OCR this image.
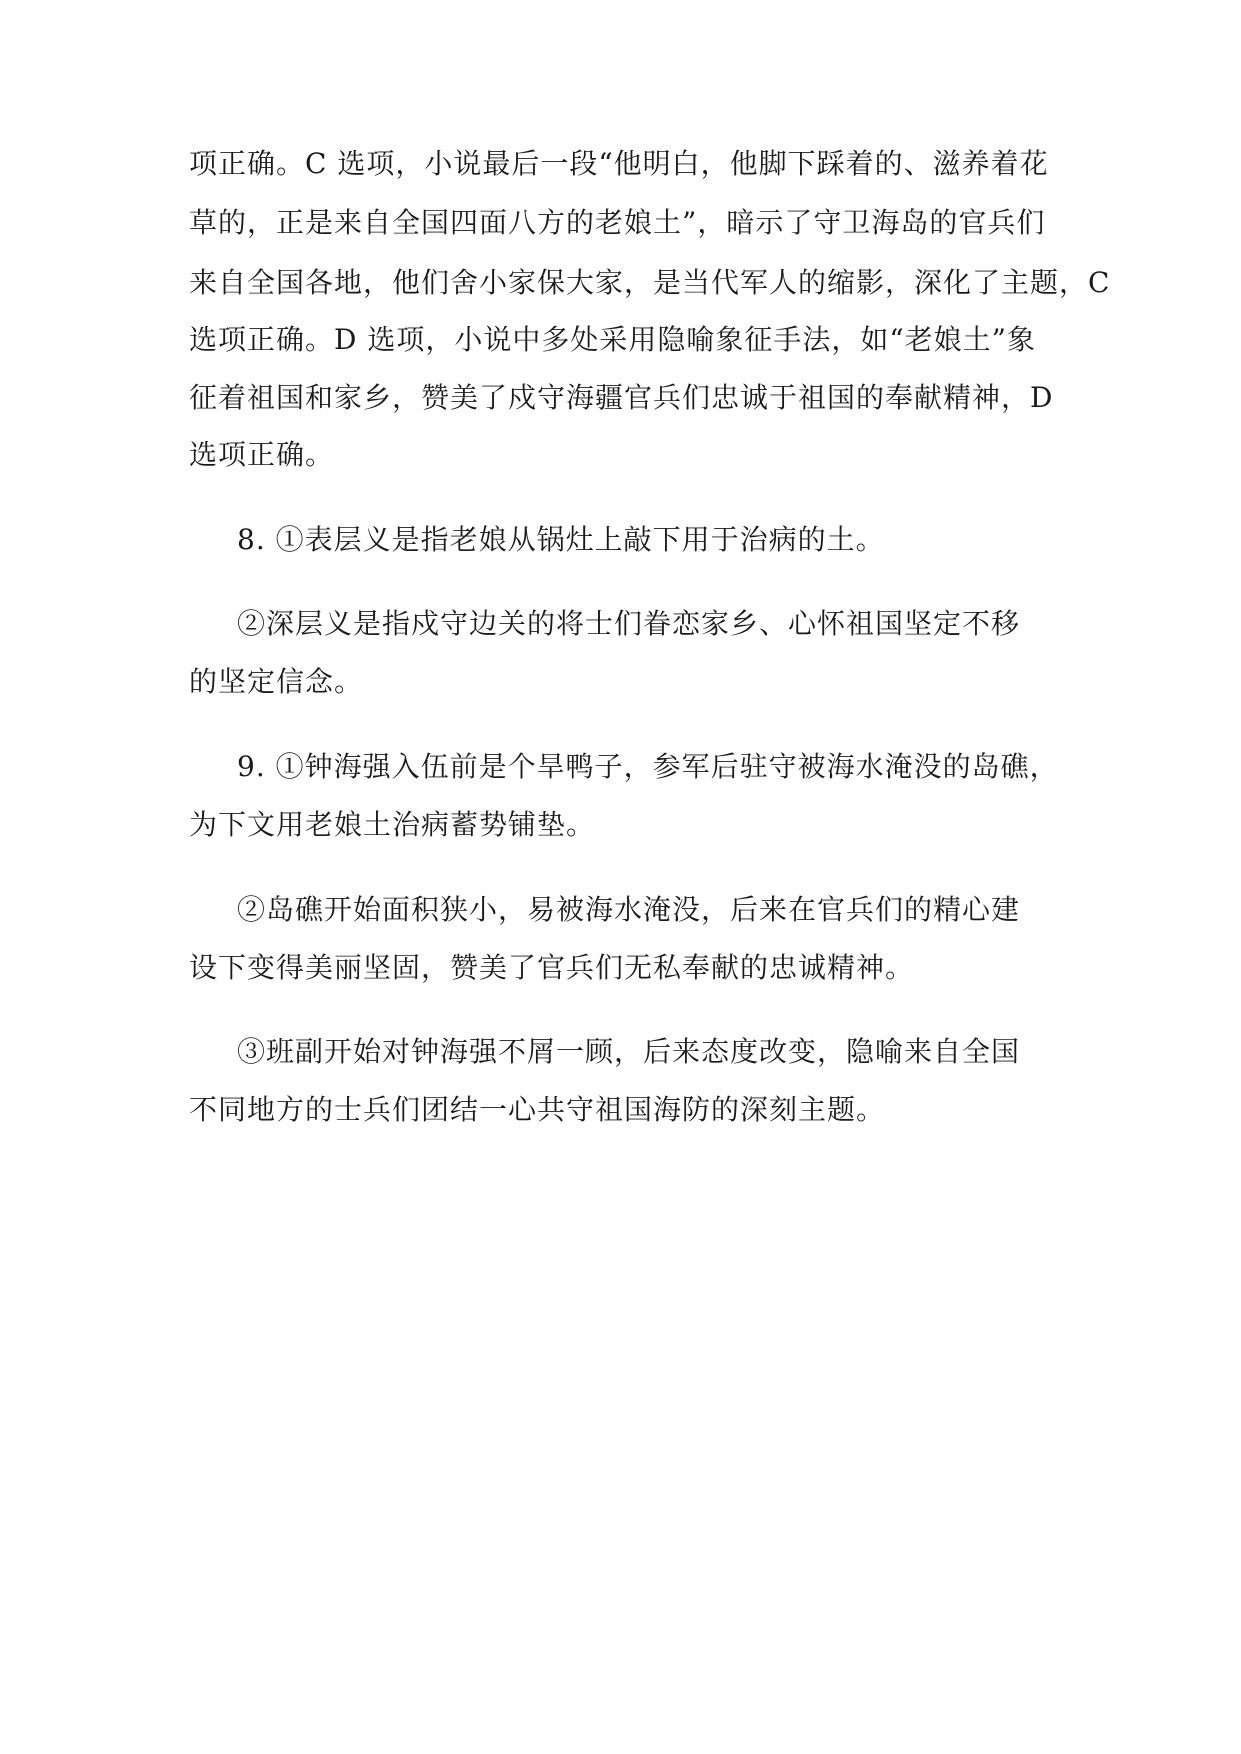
项正确。C 选项，小说最后一段“他明白，他脚下踩着的、滋养着花
草的，正是来自全国四面八方的老娘土”，暗示了守卫海岛的官兵们
来自全国各地，他们舍小家保大家，是当代军人的缩影，深化了主题，C
选项正确。D 选项，小说中多处采用隐喻象征手法，如“老娘土”象
征着祖国和家乡，赞美了戍守海疆官兵们忠诚于祖国的奉献精神，D
选项正确。
8. ①表层义是指老娘从锅灶上敲下用于治病的土。
②深层义是指戍守边关的将士们眷恋家乡、心怀祖国坚定不移
的坚定信念。
9. ①钟海强入伍前是个旱鸭子，参军后驻守被海水淹没的岛礁，
为下文用老娘土治病蓄势铺垫。
②岛礁开始面积狭小，易被海水淹没，后来在官兵们的精心建
设下变得美丽坚固，赞美了官兵们无私奉献的忠诚精神。
③班副开始对钟海强不屑一顾，后来态度改变，隐喻来自全国
不同地方的士兵们团结一心共守祖国海防的深刻主题。
